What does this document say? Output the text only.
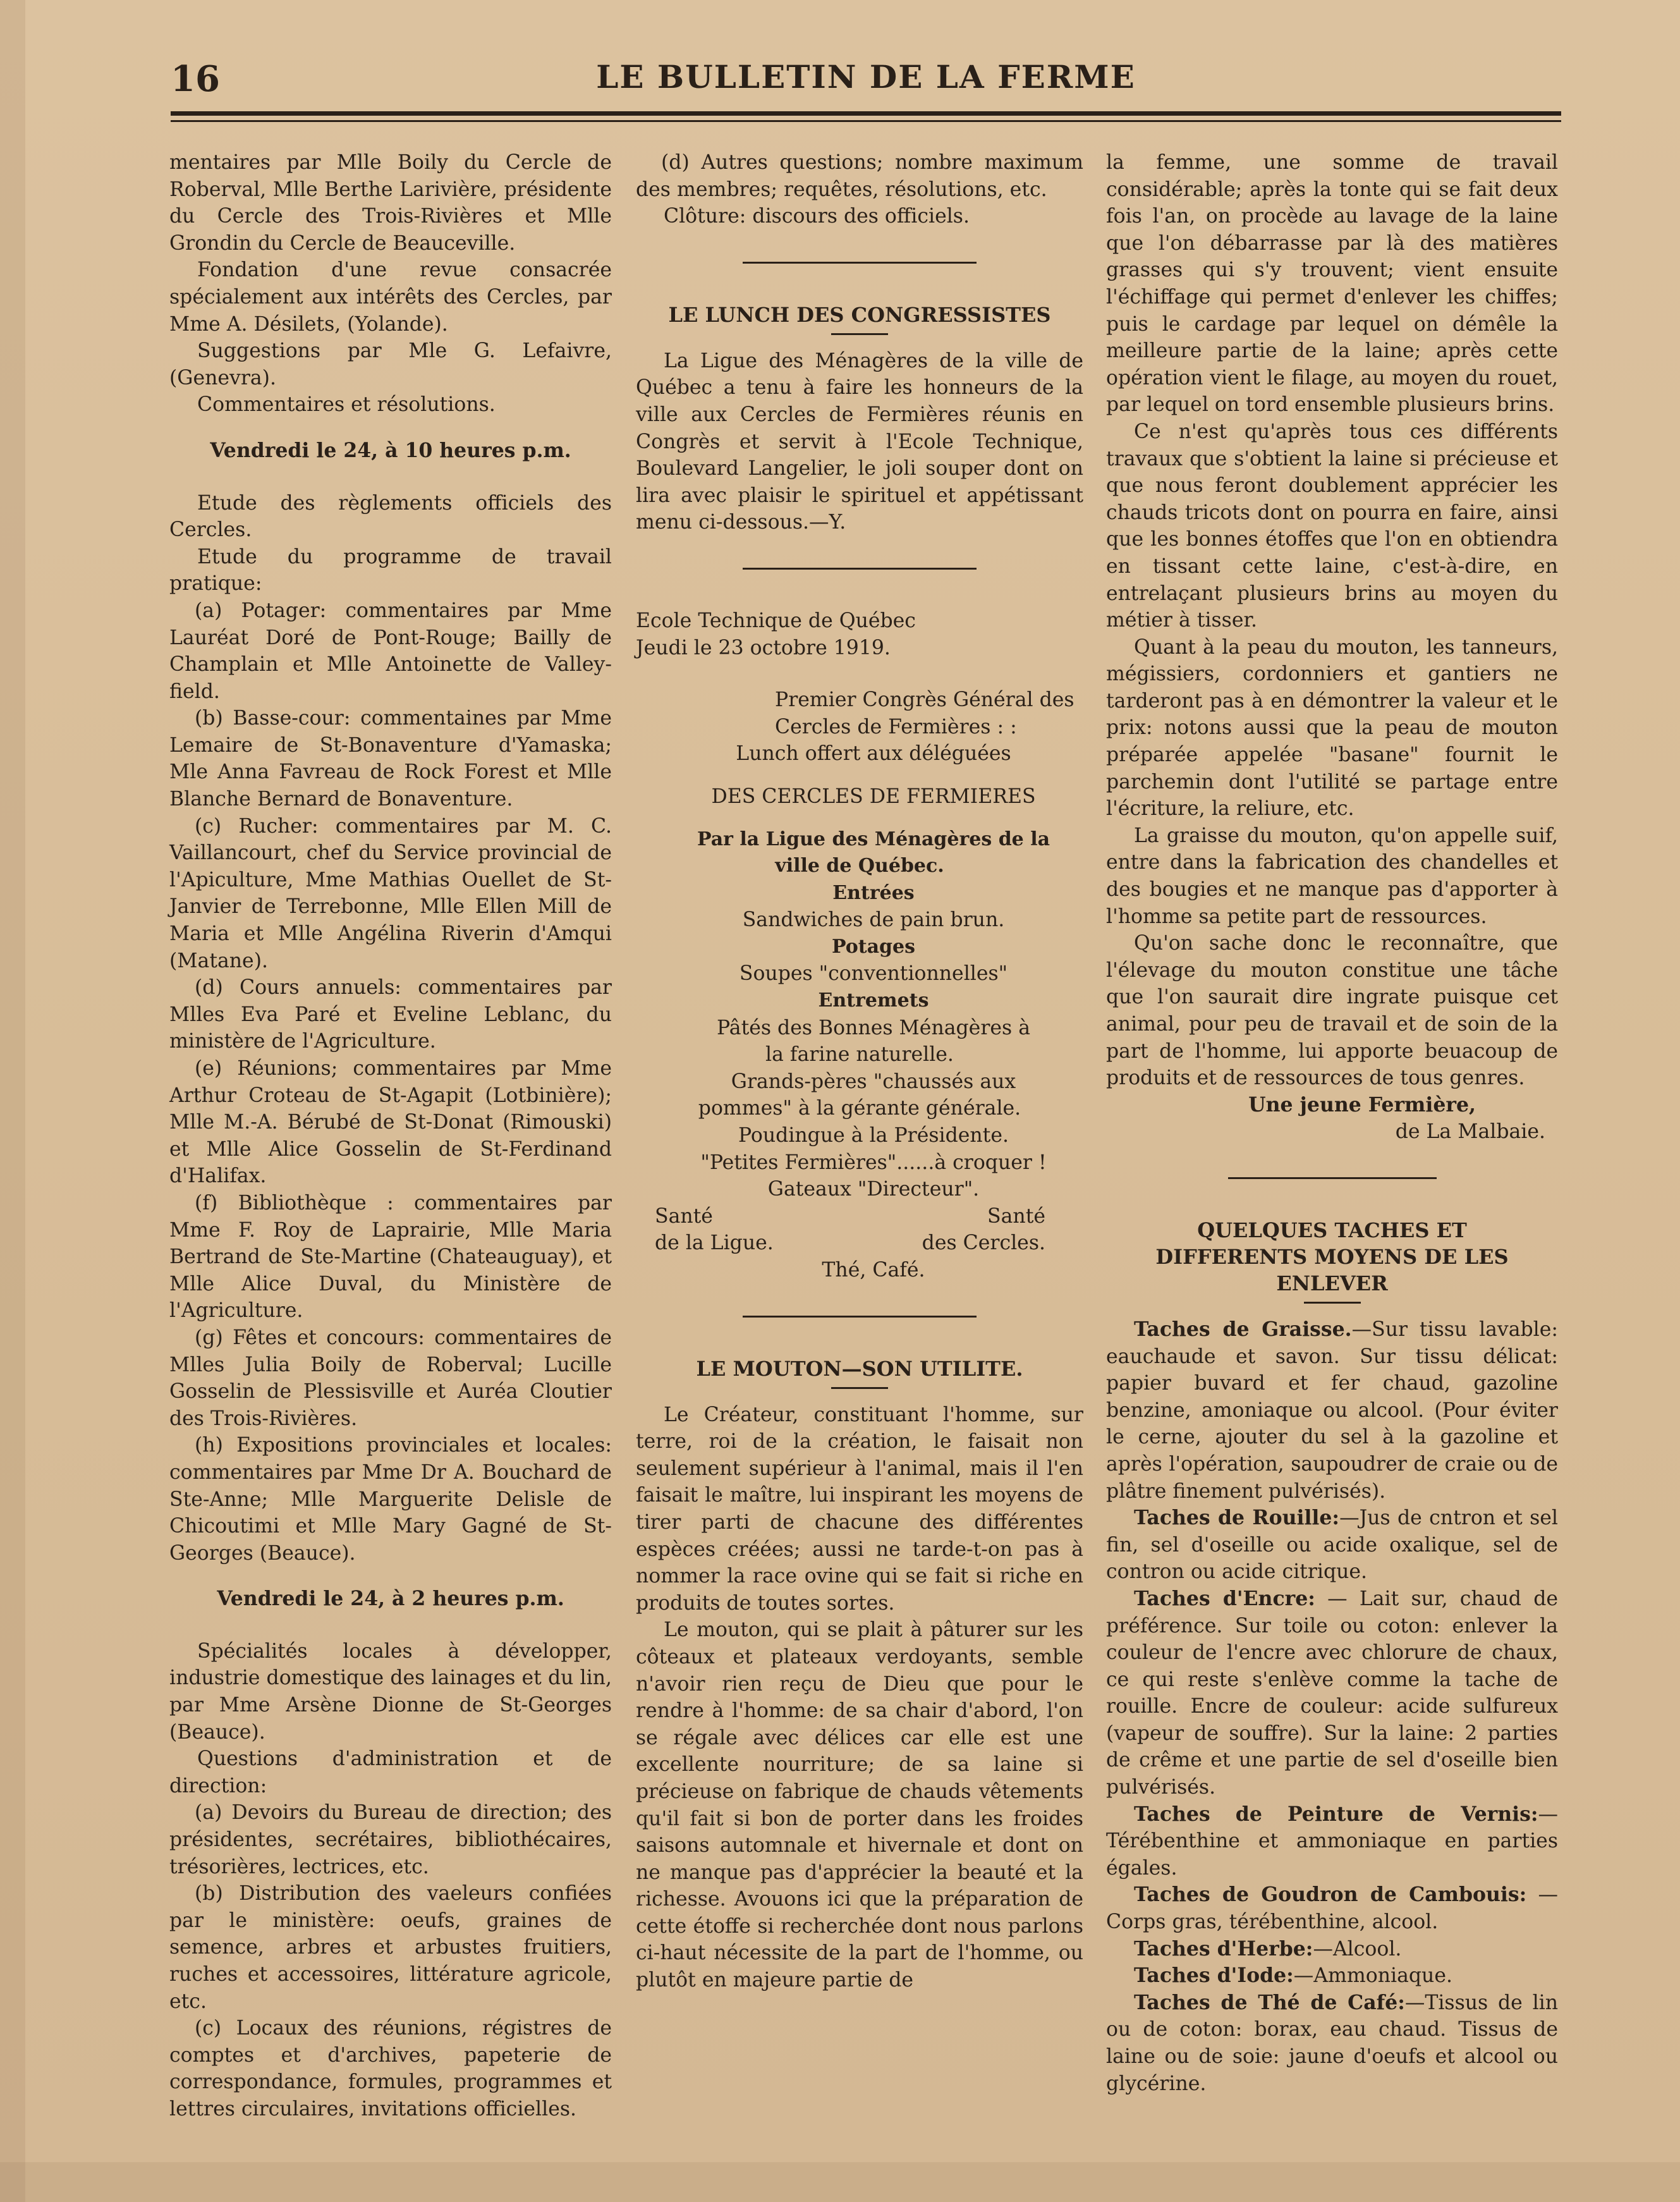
16	LE BULLETIN DE LA FERME

mentaires par Mlle Boily du Cercle de Roberval, Mlle Berthe Larivière, présidente du Cercle des Trois-Rivières et Mlle Grondin du Cercle de Beauceville.

Fondation d'une revue consacrée spécialement aux intérêts des Cercles, par Mme A. Désilets, (Yolande).

Suggestions par Mle G. Lefaivre, (Genevra).

Commentaires et résolutions.

Vendredi le 24, à 10 heures p.m.

Etude des règlements officiels des Cercles.

Etude du programme de travail pratique:

(a) Potager: commentaires par Mme Lauréat Doré de Pont-Rouge; Bailly de Champlain et Mlle Antoinette de Valley-field.

(b) Basse-cour: commentaines par Mme Lemaire de St-Bonaventure d'Yamaska; Mle Anna Favreau de Rock Forest et Mlle Blanche Bernard de Bonaventure.

(c) Rucher: commentaires par M. C. Vaillancourt, chef du Service provincial de l'Apiculture, Mme Mathias Ouellet de St-Janvier de Terrebonne, Mlle Ellen Mill de Maria et Mlle Angélina Riverin d'Amqui (Matane).

(d) Cours annuels: commentaires par Mlles Eva Paré et Eveline Leblanc, du ministère de l'Agriculture.

(e) Réunions; commentaires par Mme Arthur Croteau de St-Agapit (Lotbinière); Mlle M.-A. Bérubé de St-Donat (Rimouski) et Mlle Alice Gosselin de St-Ferdinand d'Halifax.

(f) Bibliothèque : commentaires par Mme F. Roy de Laprairie, Mlle Maria Bertrand de Ste-Martine (Chateauguay), et Mlle Alice Duval, du Ministère de l'Agriculture.

(g) Fêtes et concours: commentaires de Mlles Julia Boily de Roberval; Lucille Gosselin de Plessisville et Auréa Cloutier des Trois-Rivières.

(h) Expositions provinciales et locales: commentaires par Mme Dr A. Bouchard de Ste-Anne; Mlle Marguerite Delisle de Chicoutimi et Mlle Mary Gagné de St-Georges (Beauce).

Vendredi le 24, à 2 heures p.m.

Spécialités locales à développer, industrie domestique des lainages et du lin, par Mme Arsène Dionne de St-Georges (Beauce).

Questions d'administration et de direction:

(a) Devoirs du Bureau de direction; des présidentes, secrétaires, bibliothécaires, trésorières, lectrices, etc.

(b) Distribution des vaeleurs confiées par le ministère: oeufs, graines de semence, arbres et arbustes fruitiers, ruches et accessoires, littérature agricole, etc.

(c) Locaux des réunions, régistres de comptes et d'archives, papeterie de correspondance, formules, programmes et lettres circulaires, invitations officielles.

(d) Autres questions; nombre maximum des membres; requêtes, résolutions, etc.

Clôture: discours des officiels.

LE LUNCH DES CONGRESSISTES

La Ligue des Ménagères de la ville de Québec a tenu à faire les honneurs de la ville aux Cercles de Fermières réunis en Congrès et servit à l'Ecole Technique, Boulevard Langelier, le joli souper dont on lira avec plaisir le spirituel et appétissant menu ci-dessous.—Y.

Ecole Technique de Québec

Jeudi le 23 octobre 1919.

Premier Congrès Général des

Cercles de Fermières : :

Lunch offert aux déléguées

DES CERCLES DE FERMIERES

Par la Ligue des Ménagères de la ville de Québec.

Entrées

Sandwiches de pain brun.

Potages

Soupes "conventionnelles"

Entremets

Pâtés des Bonnes Ménagères à la farine naturelle.

Grands-pères "chaussés aux pommes" à la gérante générale.

Poudingue à la Présidente.

"Petites Fermières"......à croquer !

Gateaux "Directeur".

Santé	Santé
de la Ligue.	des Cercles.

Thé, Café.

LE MOUTON—SON UTILITE.

Le Créateur, constituant l'homme, sur terre, roi de la création, le faisait non seulement supérieur à l'animal, mais il l'en faisait le maître, lui inspirant les moyens de tirer parti de chacune des différentes espèces créées; aussi ne tarde-t-on pas à nommer la race ovine qui se fait si riche en produits de toutes sortes.

Le mouton, qui se plait à pâturer sur les côteaux et plateaux verdoyants, semble n'avoir rien reçu de Dieu que pour le rendre à l'homme: de sa chair d'abord, l'on se régale avec délices car elle est une excellente nourriture; de sa laine si précieuse on fabrique de chauds vêtements qu'il fait si bon de porter dans les froides saisons automnale et hivernale et dont on ne manque pas d'apprécier la beauté et la richesse. Avouons ici que la préparation de cette étoffe si recherchée dont nous parlons ci-haut nécessite de la part de l'homme, ou plutôt en majeure partie de

la femme, une somme de travail considérable; après la tonte qui se fait deux fois l'an, on procède au lavage de la laine que l'on débarrasse par là des matières grasses qui s'y trouvent; vient ensuite l'échiffage qui permet d'enlever les chiffes; puis le cardage par lequel on démêle la meilleure partie de la laine; après cette opération vient le filage, au moyen du rouet, par lequel on tord ensemble plusieurs brins.

Ce n'est qu'après tous ces différents travaux que s'obtient la laine si précieuse et que nous feront doublement apprécier les chauds tricots dont on pourra en faire, ainsi que les bonnes étoffes que l'on en obtiendra en tissant cette laine, c'est-à-dire, en entrelaçant plusieurs brins au moyen du métier à tisser.

Quant à la peau du mouton, les tanneurs, mégissiers, cordonniers et gantiers ne tarderont pas à en démontrer la valeur et le prix: notons aussi que la peau de mouton préparée appelée "basane" fournit le parchemin dont l'utilité se partage entre l'écriture, la reliure, etc.

La graisse du mouton, qu'on appelle suif, entre dans la fabrication des chandelles et des bougies et ne manque pas d'apporter à l'homme sa petite part de ressources.

Qu'on sache donc le reconnaître, que l'élevage du mouton constitue une tâche que l'on saurait dire ingrate puisque cet animal, pour peu de travail et de soin de la part de l'homme, lui apporte beuacoup de produits et de ressources de tous genres.

Une jeune Fermière,

de La Malbaie.

QUELQUES TACHES ET DIFFERENTS MOYENS DE LES ENLEVER

Taches de Graisse.—Sur tissu lavable: eauchaude et savon. Sur tissu délicat: papier buvard et fer chaud, gazoline benzine, amoniaque ou alcool. (Pour éviter le cerne, ajouter du sel à la gazoline et après l'opération, saupoudrer de craie ou de plâtre finement pulvérisés).

Taches de Rouille:—Jus de cntron et sel fin, sel d'oseille ou acide oxalique, sel de contron ou acide citrique.

Taches d'Encre: — Lait sur, chaud de préférence. Sur toile ou coton: enlever la couleur de l'encre avec chlorure de chaux, ce qui reste s'enlève comme la tache de rouille. Encre de couleur: acide sulfureux (vapeur de souffre). Sur la laine: 2 parties de crême et une partie de sel d'oseille bien pulvérisés.

Taches de Peinture de Vernis:—Térébenthine et ammoniaque en parties égales.

Taches de Goudron de Cambouis: — Corps gras, térébenthine, alcool.

Taches d'Herbe:—Alcool.

Taches d'Iode:—Ammoniaque.

Taches de Thé de Café:—Tissus de lin ou de coton: borax, eau chaud. Tissus de laine ou de soie: jaune d'oeufs et alcool ou glycérine.
